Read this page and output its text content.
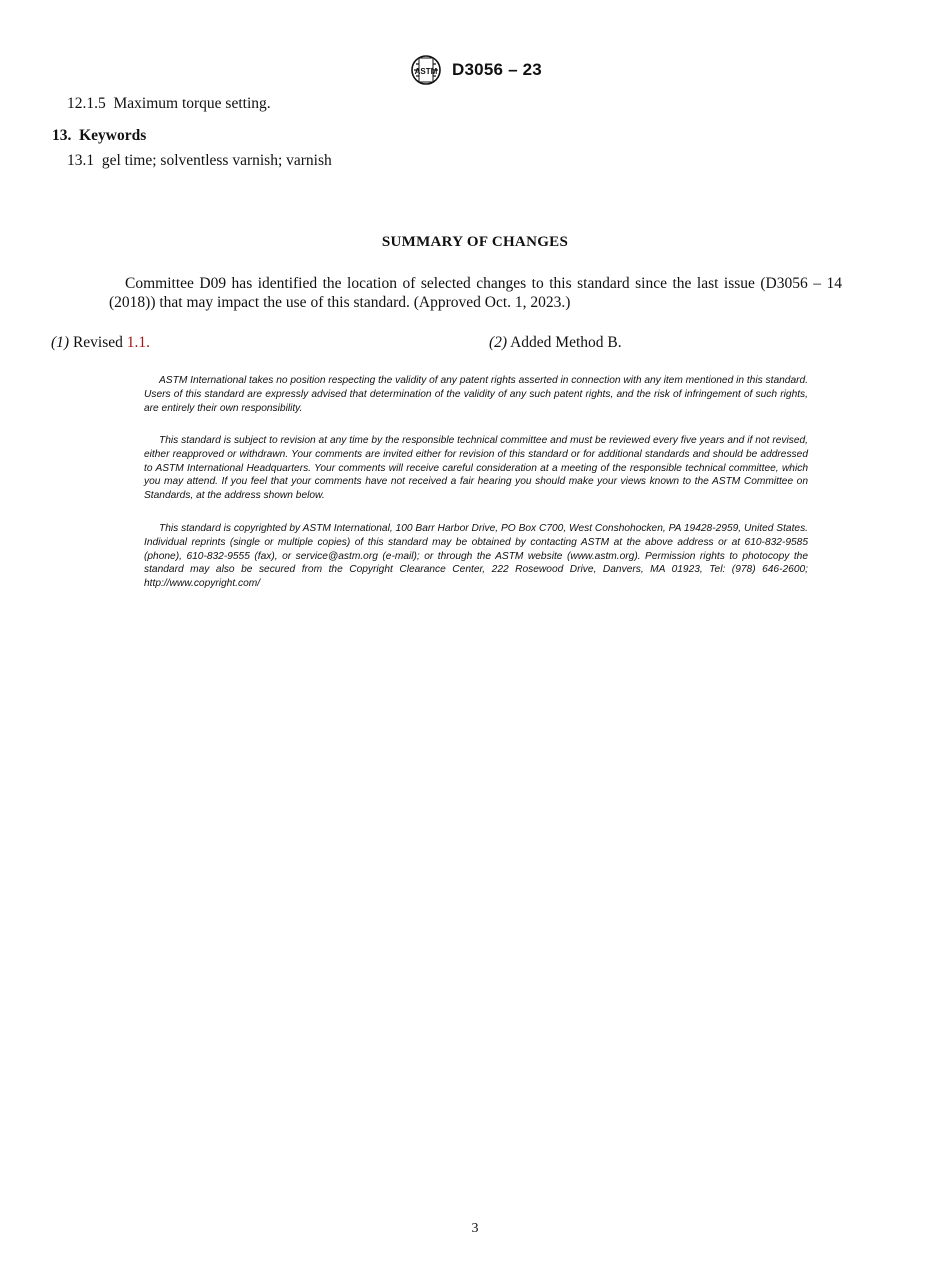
ASTM D3056 – 23
12.1.5 Maximum torque setting.
13. Keywords
13.1 gel time; solventless varnish; varnish
SUMMARY OF CHANGES
Committee D09 has identified the location of selected changes to this standard since the last issue (D3056 – 14 (2018)) that may impact the use of this standard. (Approved Oct. 1, 2023.)
(1) Revised 1.1.	(2) Added Method B.
ASTM International takes no position respecting the validity of any patent rights asserted in connection with any item mentioned in this standard. Users of this standard are expressly advised that determination of the validity of any such patent rights, and the risk of infringement of such rights, are entirely their own responsibility.
This standard is subject to revision at any time by the responsible technical committee and must be reviewed every five years and if not revised, either reapproved or withdrawn. Your comments are invited either for revision of this standard or for additional standards and should be addressed to ASTM International Headquarters. Your comments will receive careful consideration at a meeting of the responsible technical committee, which you may attend. If you feel that your comments have not received a fair hearing you should make your views known to the ASTM Committee on Standards, at the address shown below.
This standard is copyrighted by ASTM International, 100 Barr Harbor Drive, PO Box C700, West Conshohocken, PA 19428-2959, United States. Individual reprints (single or multiple copies) of this standard may be obtained by contacting ASTM at the above address or at 610-832-9585 (phone), 610-832-9555 (fax), or service@astm.org (e-mail); or through the ASTM website (www.astm.org). Permission rights to photocopy the standard may also be secured from the Copyright Clearance Center, 222 Rosewood Drive, Danvers, MA 01923, Tel: (978) 646-2600; http://www.copyright.com/
3
